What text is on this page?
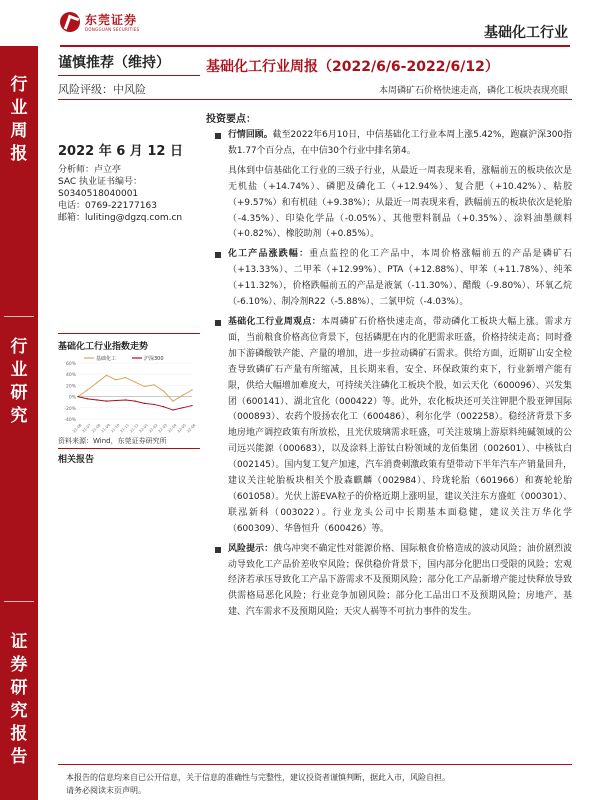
东莞证券
DONGGUAN SECURITIES	基础化工行业
行
业
周
报
行
业
研
究
证
券
研
究
报
告
谨慎推荐（维持）
风险评级：中风险
2022 年 6 月 12 日
分析师：卢立亭
SAC 执业证书编号：
S0340518040001
电话：0769-22177163
邮箱：luliting@dgzq.com.cn
基础化工行业指数走势
60%
40%
20%
0%
-20%
-40%
21-06 21-07 21-08 21-09 21-10 21-11 21-12 22-01 22-02 22-03 22-04 22-05 22-06
基础化工	沪深300
资料来源：Wind，东莞证券研究所
相关报告
基础化工行业周报（2022/6/6-2022/6/12）
本周磷矿石价格快速走高，磷化工板块表现亮眼
投资要点：
行情回顾。截至2022年6月10日，中信基础化工行业本周上涨5.42%，跑赢沪深300指数1.77个百分点，在中信30个行业中排名第4。
具体到中信基础化工行业的三级子行业，从最近一周表现来看，涨幅前五的板块依次是无机盐（+14.74%）、磷肥及磷化工（+12.94%）、复合肥（+10.42%）、粘胶（+9.57%）和有机硅（+9.38%）；从最近一周表现来看，跌幅前五的板块依次是轮胎（-4.35%）、印染化学品（-0.05%）、其他塑料制品（+0.35%）、涂料油墨颜料（+0.82%）、橡胶助剂（+0.85%）。
化工产品涨跌幅：重点监控的化工产品中，本周价格涨幅前五的产品是磷矿石（+13.33%）、二甲苯（+12.99%）、PTA（+12.88%）、甲苯（+11.78%）、纯苯（+11.32%），价格跌幅前五的产品是液氯（-11.30%）、醋酸（-9.80%）、环氧乙烷（-6.10%）、制冷剂R22（-5.88%）、二氯甲烷（-4.03%）。
基础化工行业周观点：本周磷矿石价格快速走高，带动磷化工板块大幅上涨。需求方面，当前粮食价格高位背景下，包括磷肥在内的化肥需求旺盛，价格持续走高；同时叠加下游磷酸铁产能、产量的增加，进一步拉动磷矿石需求。供给方面，近期矿山安全检查导致磷矿石产量有所缩减，且长期来看，安全、环保政策约束下，行业新增产能有限，供给大幅增加难度大，可持续关注磷化工板块个股，如云天化（600096）、兴发集团（600141）、湖北宜化（000422）等。此外，农化板块还可关注钾肥个股亚钾国际（000893）、农药个股扬农化工（600486）、利尔化学（002258）。稳经济背景下多地房地产调控政策有所放松，且光伏玻璃需求旺盛，可关注玻璃上游原料纯碱领域的公司远兴能源（000683），以及涂料上游钛白粉领域的龙佰集团（002601）、中核钛白（002145）。国内复工复产加速，汽车消费刺激政策有望带动下半年汽车产销量回升，建议关注轮胎板块相关个股森麒麟（002984）、玲珑轮胎（601966）和赛轮轮胎（601058）。光伏上游EVA粒子的价格近期上涨明显，建议关注东方盛虹（000301）、联泓新科（003022）。行业龙头公司中长期基本面稳健，建议关注万华化学（600309）、华鲁恒升（600426）等。
风险提示：俄乌冲突不确定性对能源价格、国际粮食价格造成的波动风险；油价剧烈波动导致化工产品价差收窄风险；保供稳价背景下，国内部分化肥出口受限的风险；宏观经济若承压导致化工产品下游需求不及预期风险；部分化工产品新增产能过快释放导致供需格局恶化风险；行业竞争加剧风险；部分化工品出口不及预期风险；房地产、基建、汽车需求不及预期风险；天灾人祸等不可抗力事件的发生。
本报告的信息均来自已公开信息，关于信息的准确性与完整性，建议投资者谨慎判断，据此入市，风险自担。
请务必阅读末页声明。
